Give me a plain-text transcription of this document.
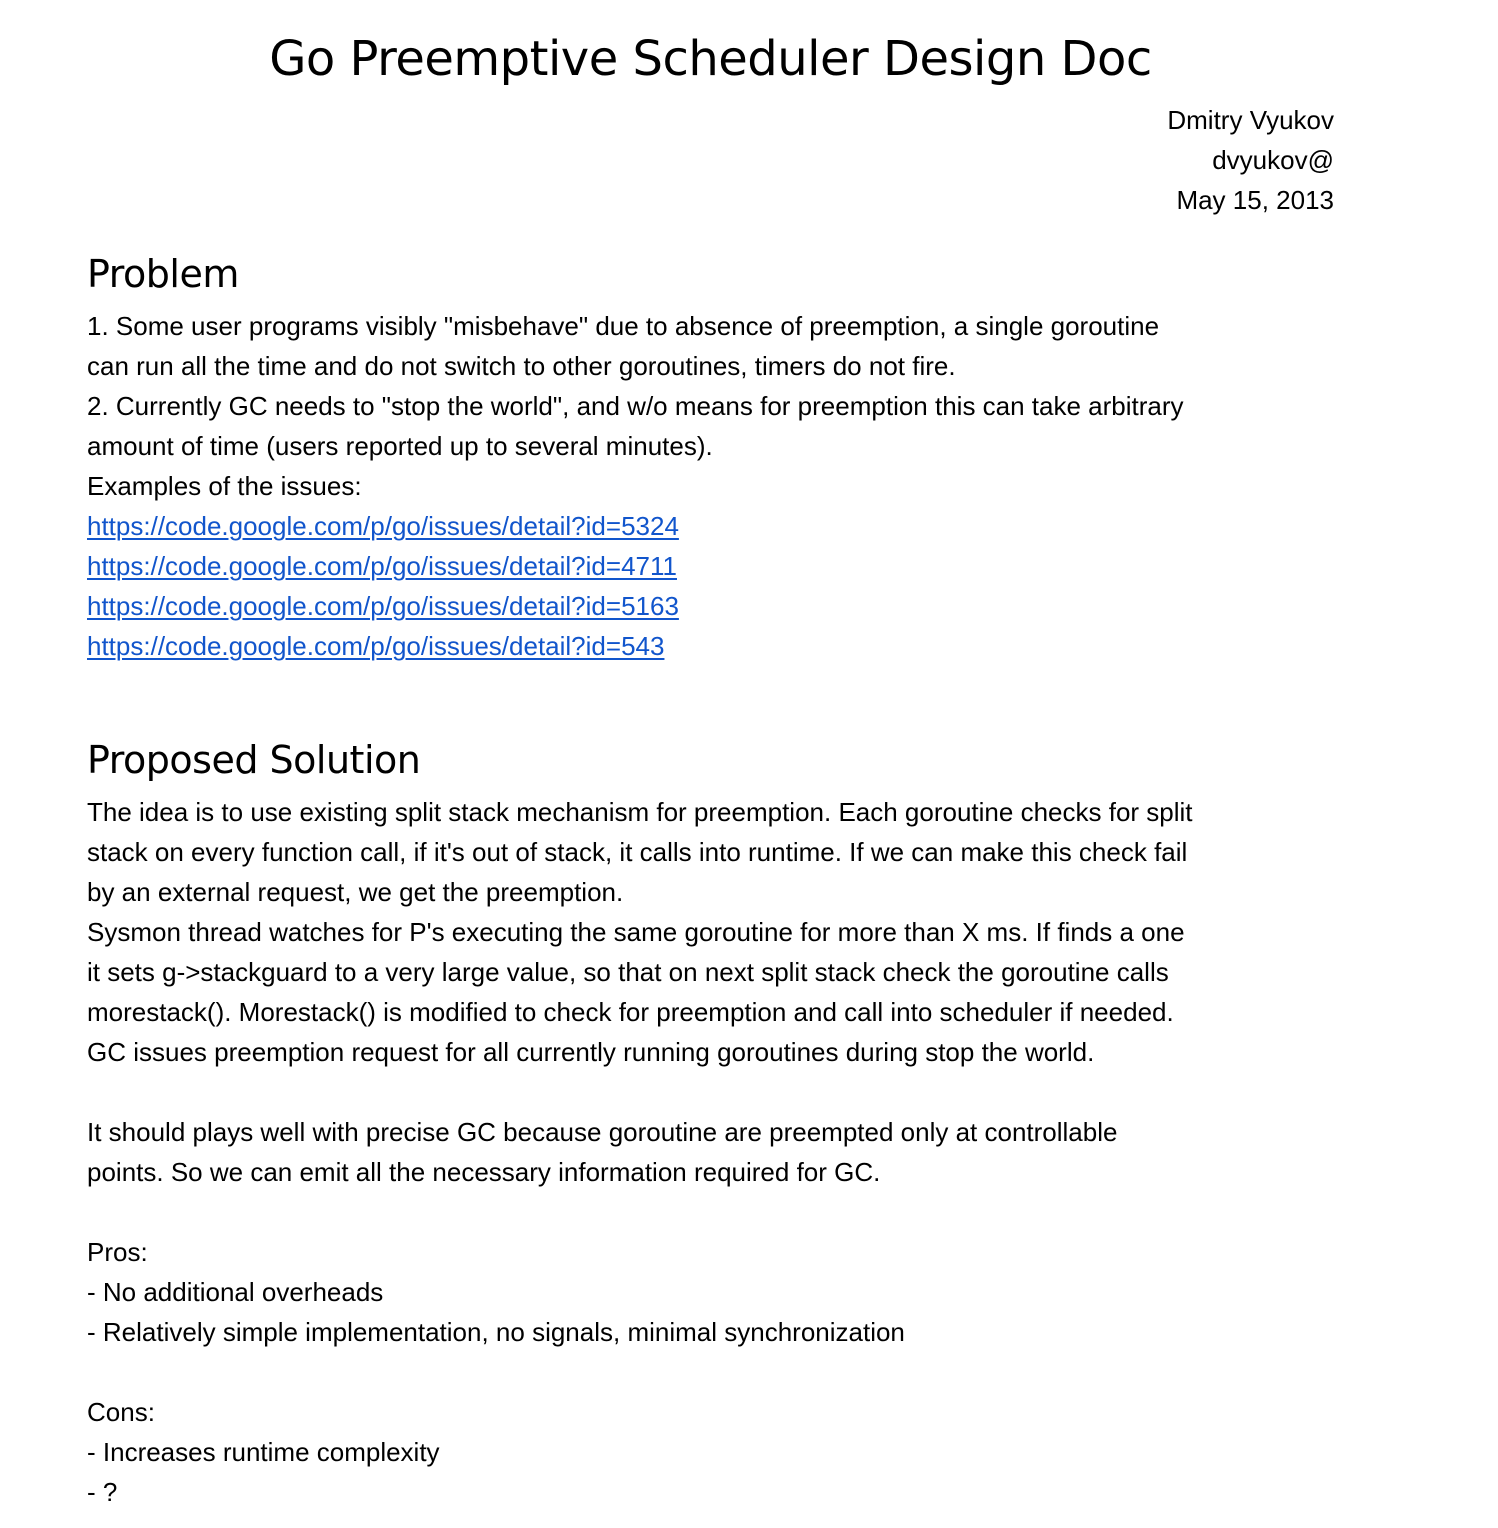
Go Preemptive Scheduler Design Doc
Dmitry Vyukov
dvyukov@
May 15, 2013
Problem
1. Some user programs visibly "misbehave" due to absence of preemption, a single goroutine
can run all the time and do not switch to other goroutines, timers do not fire.
2. Currently GC needs to "stop the world", and w/o means for preemption this can take arbitrary
amount of time (users reported up to several minutes).
Examples of the issues:
https://code.google.com/p/go/issues/detail?id=5324
https://code.google.com/p/go/issues/detail?id=4711
https://code.google.com/p/go/issues/detail?id=5163
https://code.google.com/p/go/issues/detail?id=543
Proposed Solution
The idea is to use existing split stack mechanism for preemption. Each goroutine checks for split
stack on every function call, if it's out of stack, it calls into runtime. If we can make this check fail
by an external request, we get the preemption.
Sysmon thread watches for P's executing the same goroutine for more than X ms. If finds a one
it sets g->stackguard to a very large value, so that on next split stack check the goroutine calls
morestack(). Morestack() is modified to check for preemption and call into scheduler if needed.
GC issues preemption request for all currently running goroutines during stop the world.
It should plays well with precise GC because goroutine are preempted only at controllable
points. So we can emit all the necessary information required for GC.
Pros:
- No additional overheads
- Relatively simple implementation, no signals, minimal synchronization
Cons:
- Increases runtime complexity
- ?
